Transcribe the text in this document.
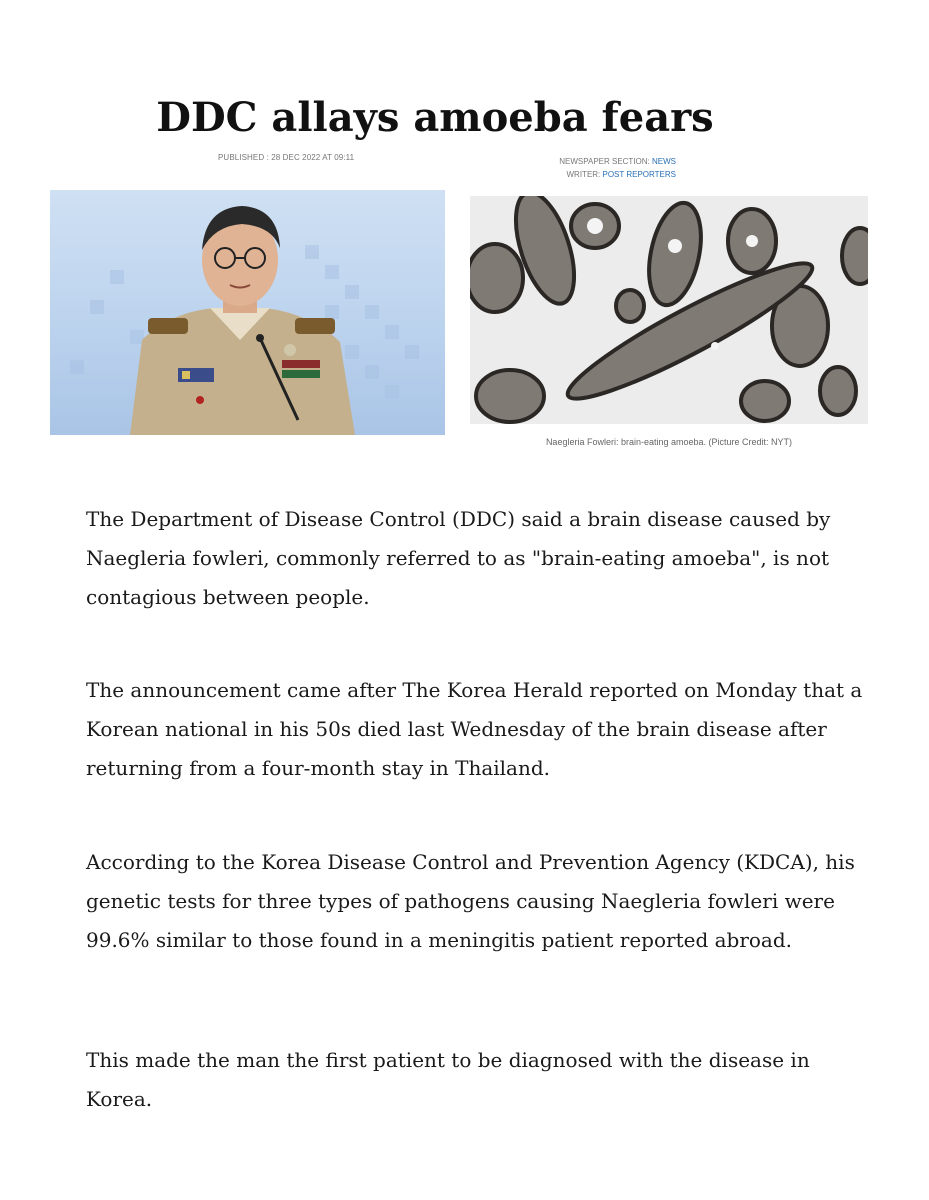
DDC allays amoeba fears
PUBLISHED : 28 DEC 2022 AT 09:11	NEWSPAPER SECTION: NEWS
WRITER: POST REPORTERS
Naegleria Fowleri: brain-eating amoeba. (Picture Credit: NYT)

The Department of Disease Control (DDC) said a brain disease caused by Naegleria fowleri, commonly referred to as "brain-eating amoeba", is not contagious between people.

The announcement came after The Korea Herald reported on Monday that a Korean national in his 50s died last Wednesday of the brain disease after returning from a four-month stay in Thailand.

According to the Korea Disease Control and Prevention Agency (KDCA), his genetic tests for three types of pathogens causing Naegleria fowleri were 99.6% similar to those found in a meningitis patient reported abroad.

This made the man the first patient to be diagnosed with the disease in Korea.
